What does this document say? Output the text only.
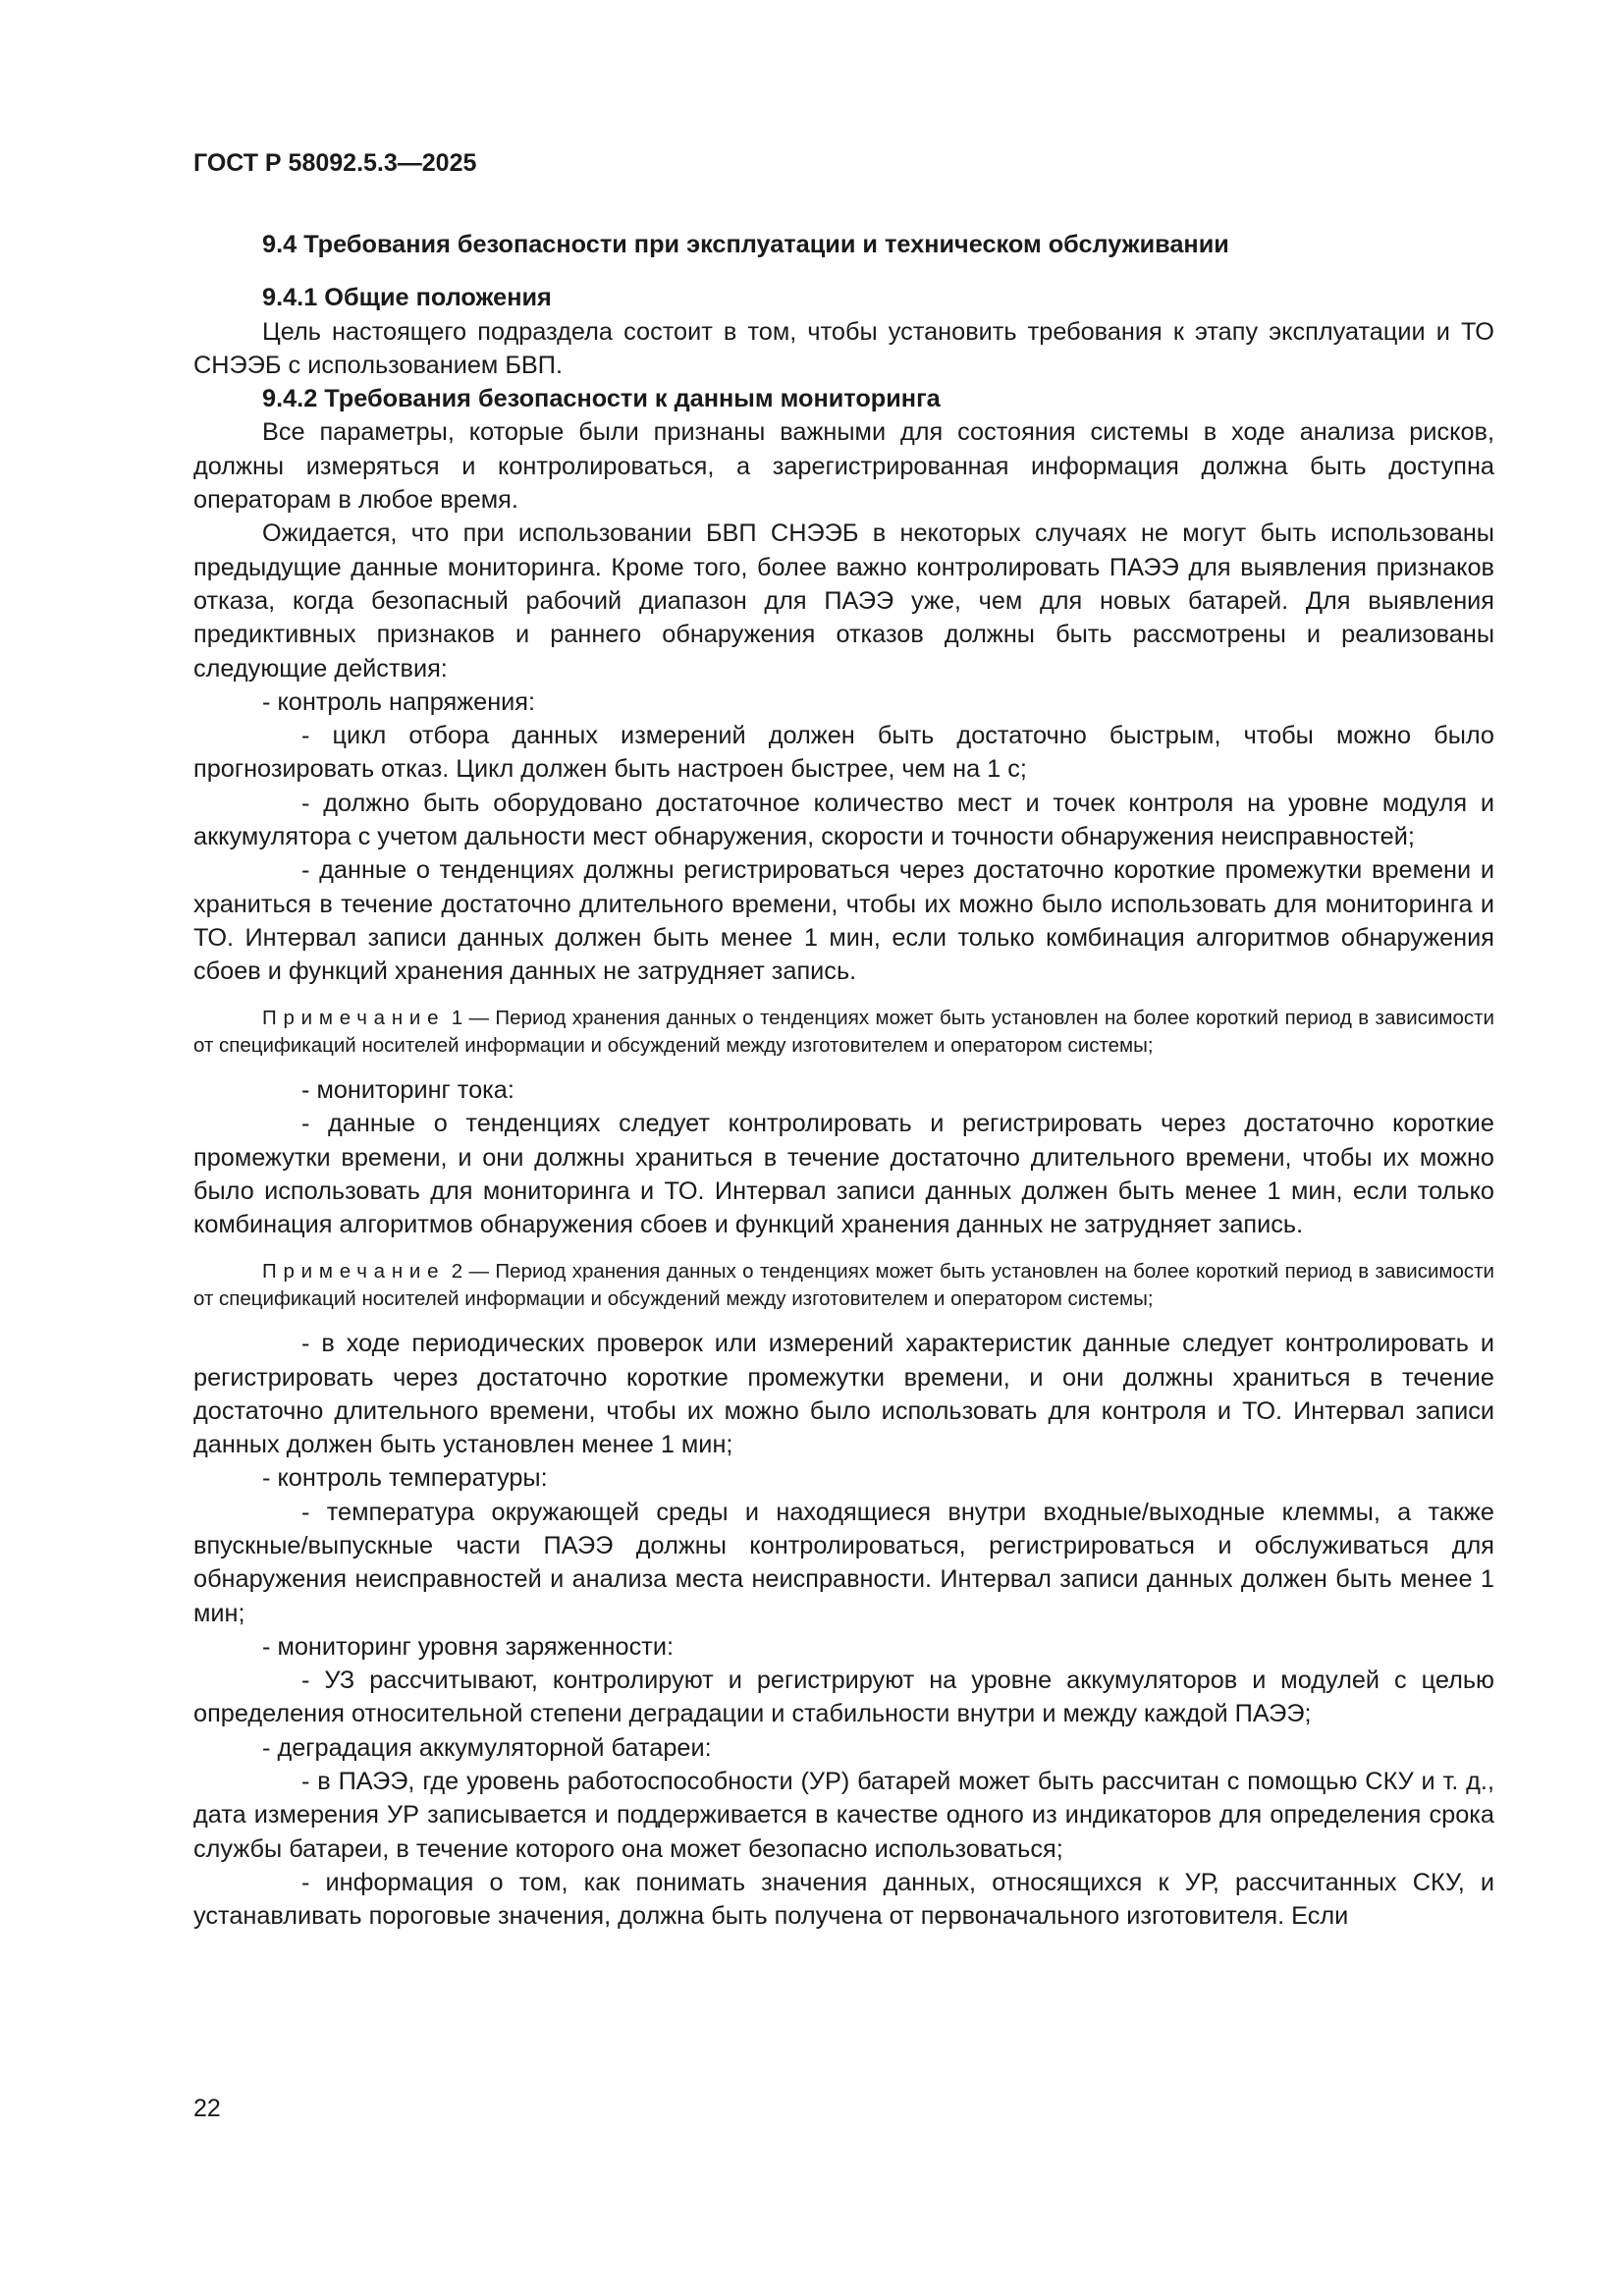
ГОСТ Р 58092.5.3—2025

9.4 Требования безопасности при эксплуатации и техническом обслуживании

9.4.1 Общие положения

Цель настоящего подраздела состоит в том, чтобы установить требования к этапу эксплуатации и ТО СНЭЭБ с использованием БВП.

9.4.2 Требования безопасности к данным мониторинга

Все параметры, которые были признаны важными для состояния системы в ходе анализа рисков, должны измеряться и контролироваться, а зарегистрированная информация должна быть доступна операторам в любое время.

Ожидается, что при использовании БВП СНЭЭБ в некоторых случаях не могут быть использованы предыдущие данные мониторинга. Кроме того, более важно контролировать ПАЭЭ для выявления признаков отказа, когда безопасный рабочий диапазон для ПАЭЭ уже, чем для новых батарей. Для выявления предиктивных признаков и раннего обнаружения отказов должны быть рассмотрены и реализованы следующие действия:

- контроль напряжения:

- цикл отбора данных измерений должен быть достаточно быстрым, чтобы можно было прогнозировать отказ. Цикл должен быть настроен быстрее, чем на 1 с;

- должно быть оборудовано достаточное количество мест и точек контроля на уровне модуля и аккумулятора с учетом дальности мест обнаружения, скорости и точности обнаружения неисправностей;

- данные о тенденциях должны регистрироваться через достаточно короткие промежутки времени и храниться в течение достаточно длительного времени, чтобы их можно было использовать для мониторинга и ТО. Интервал записи данных должен быть менее 1 мин, если только комбинация алгоритмов обнаружения сбоев и функций хранения данных не затрудняет запись.

Примечание 1 — Период хранения данных о тенденциях может быть установлен на более короткий период в зависимости от спецификаций носителей информации и обсуждений между изготовителем и оператором системы;

- мониторинг тока:

- данные о тенденциях следует контролировать и регистрировать через достаточно короткие промежутки времени, и они должны храниться в течение достаточно длительного времени, чтобы их можно было использовать для мониторинга и ТО. Интервал записи данных должен быть менее 1 мин, если только комбинация алгоритмов обнаружения сбоев и функций хранения данных не затрудняет запись.

Примечание 2 — Период хранения данных о тенденциях может быть установлен на более короткий период в зависимости от спецификаций носителей информации и обсуждений между изготовителем и оператором системы;

- в ходе периодических проверок или измерений характеристик данные следует контролировать и регистрировать через достаточно короткие промежутки времени, и они должны храниться в течение достаточно длительного времени, чтобы их можно было использовать для контроля и ТО. Интервал записи данных должен быть установлен менее 1 мин;

- контроль температуры:

- температура окружающей среды и находящиеся внутри входные/выходные клеммы, а также впускные/выпускные части ПАЭЭ должны контролироваться, регистрироваться и обслуживаться для обнаружения неисправностей и анализа места неисправности. Интервал записи данных должен быть менее 1 мин;

- мониторинг уровня заряженности:

- УЗ рассчитывают, контролируют и регистрируют на уровне аккумуляторов и модулей с целью определения относительной степени деградации и стабильности внутри и между каждой ПАЭЭ;

- деградация аккумуляторной батареи:

- в ПАЭЭ, где уровень работоспособности (УР) батарей может быть рассчитан с помощью СКУ и т. д., дата измерения УР записывается и поддерживается в качестве одного из индикаторов для определения срока службы батареи, в течение которого она может безопасно использоваться;

- информация о том, как понимать значения данных, относящихся к УР, рассчитанных СКУ, и устанавливать пороговые значения, должна быть получена от первоначального изготовителя. Если

22
